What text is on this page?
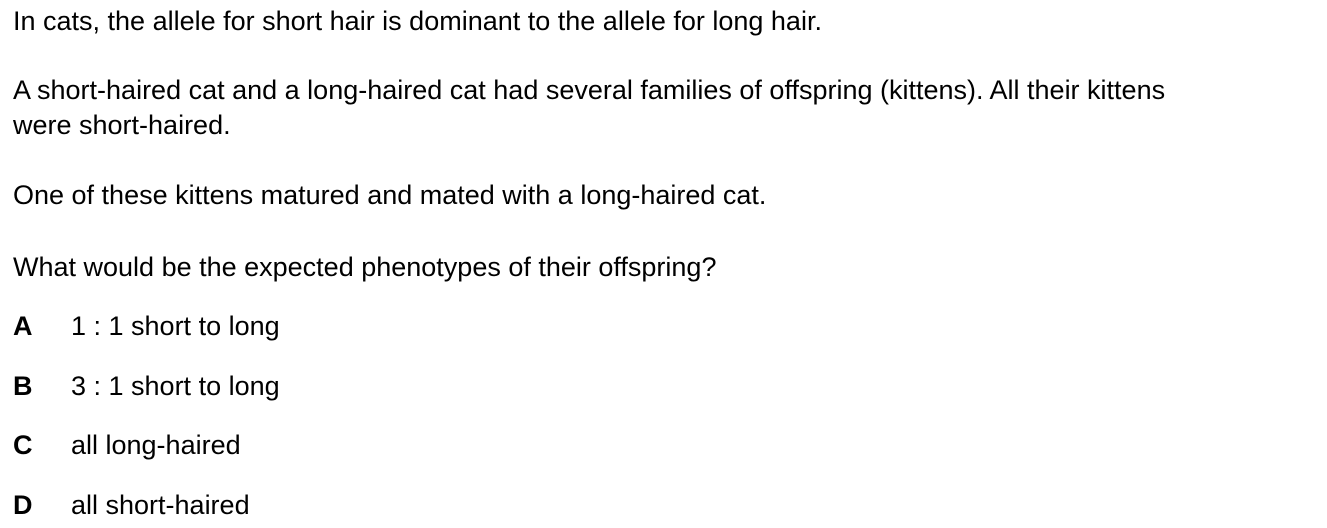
In cats, the allele for short hair is dominant to the allele for long hair.

A short-haired cat and a long-haired cat had several families of offspring (kittens). All their kittens
were short-haired.

One of these kittens matured and mated with a long-haired cat.

What would be the expected phenotypes of their offspring?

A 1 : 1 short to long
B 3 : 1 short to long
C all long-haired
D all short-haired
